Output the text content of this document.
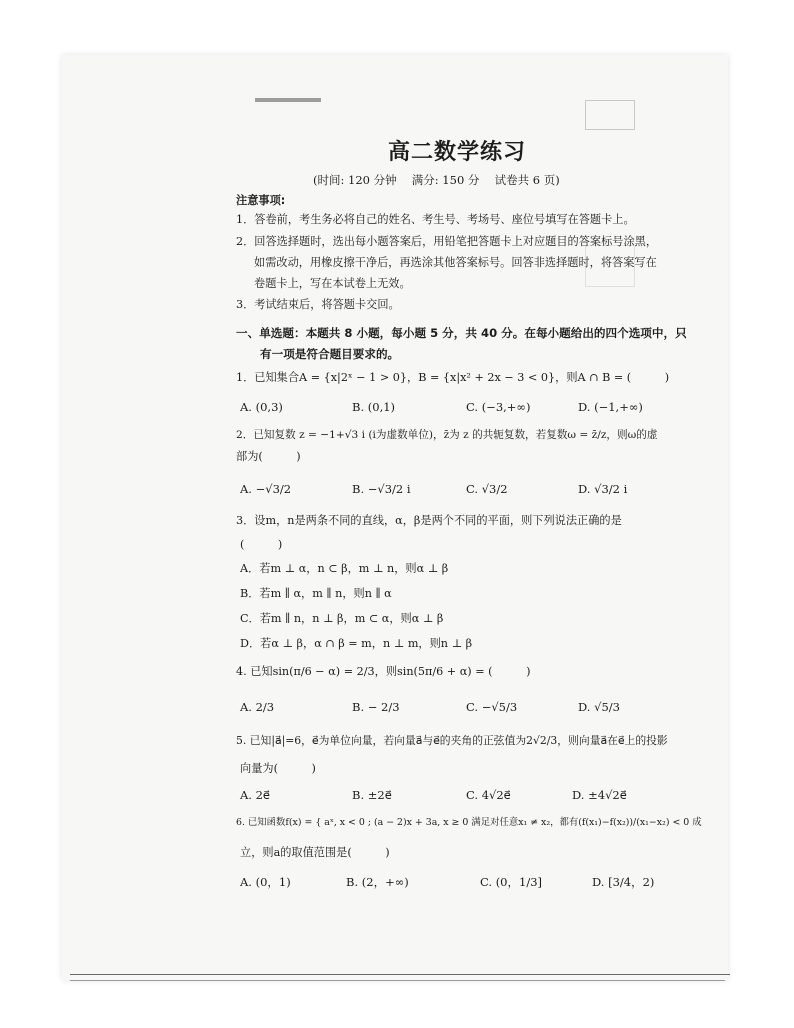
高二数学练习
(时间: 120 分钟　 满分: 150 分　 试卷共 6 页)
注意事项:
1．答卷前，考生务必将自己的姓名、考生号、考场号、座位号填写在答题卡上。
2．回答选择题时，选出每小题答案后，用铅笔把答题卡上对应题目的答案标号涂黑，
如需改动，用橡皮擦干净后，再选涂其他答案标号。回答非选择题时，将答案写在
卷题卡上，写在本试卷上无效。
3．考试结束后，将答题卡交回。
一、单选题：本题共 8 小题，每小题 5 分，共 40 分。在每小题给出的四个选项中，只
有一项是符合题目要求的。
1．已知集合A = {x|2ˣ − 1 > 0}，B = {x|x² + 2x − 3 < 0}，则A ∩ B = (　　　)
A. (0,3)	B. (0,1)	C. (−3,+∞)	D. (−1,+∞)
2．已知复数 z = −1+√3 i (i为虚数单位)，z̄为 z 的共轭复数，若复数ω = z̄/z，则ω的虚
部为(　　　)
A. −√3/2	B. −√3/2 i	C. √3/2	D. √3/2 i
3．设m，n是两条不同的直线，α，β是两个不同的平面，则下列说法正确的是
(　　　)
A．若m ⊥ α，n ⊂ β，m ⊥ n，则α ⊥ β
B．若m ∥ α，m ∥ n，则n ∥ α
C．若m ∥ n，n ⊥ β，m ⊂ α，则α ⊥ β
D．若α ⊥ β，α ∩ β = m，n ⊥ m，则n ⊥ β
4. 已知sin(π/6 − α) = 2/3，则sin(5π/6 + α) = (　　　)
A. 2/3	B. − 2/3	C. −√5/3	D. √5/3
5. 已知|a⃗|=6，e⃗为单位向量，若向量a⃗与e⃗的夹角的正弦值为2√2/3，则向量a⃗在e⃗上的投影
向量为(　　　)
A. 2e⃗	B. ±2e⃗	C. 4√2e⃗	D. ±4√2e⃗
6. 已知函数f(x) = { aˣ, x < 0 ; (a − 2)x + 3a, x ≥ 0 满足对任意x₁ ≠ x₂，都有(f(x₁)−f(x₂))/(x₁−x₂) < 0 成
立，则a的取值范围是(　　　)
A. (0，1)	B. (2，+∞)	C. (0，1/3]	D. [3/4，2)
